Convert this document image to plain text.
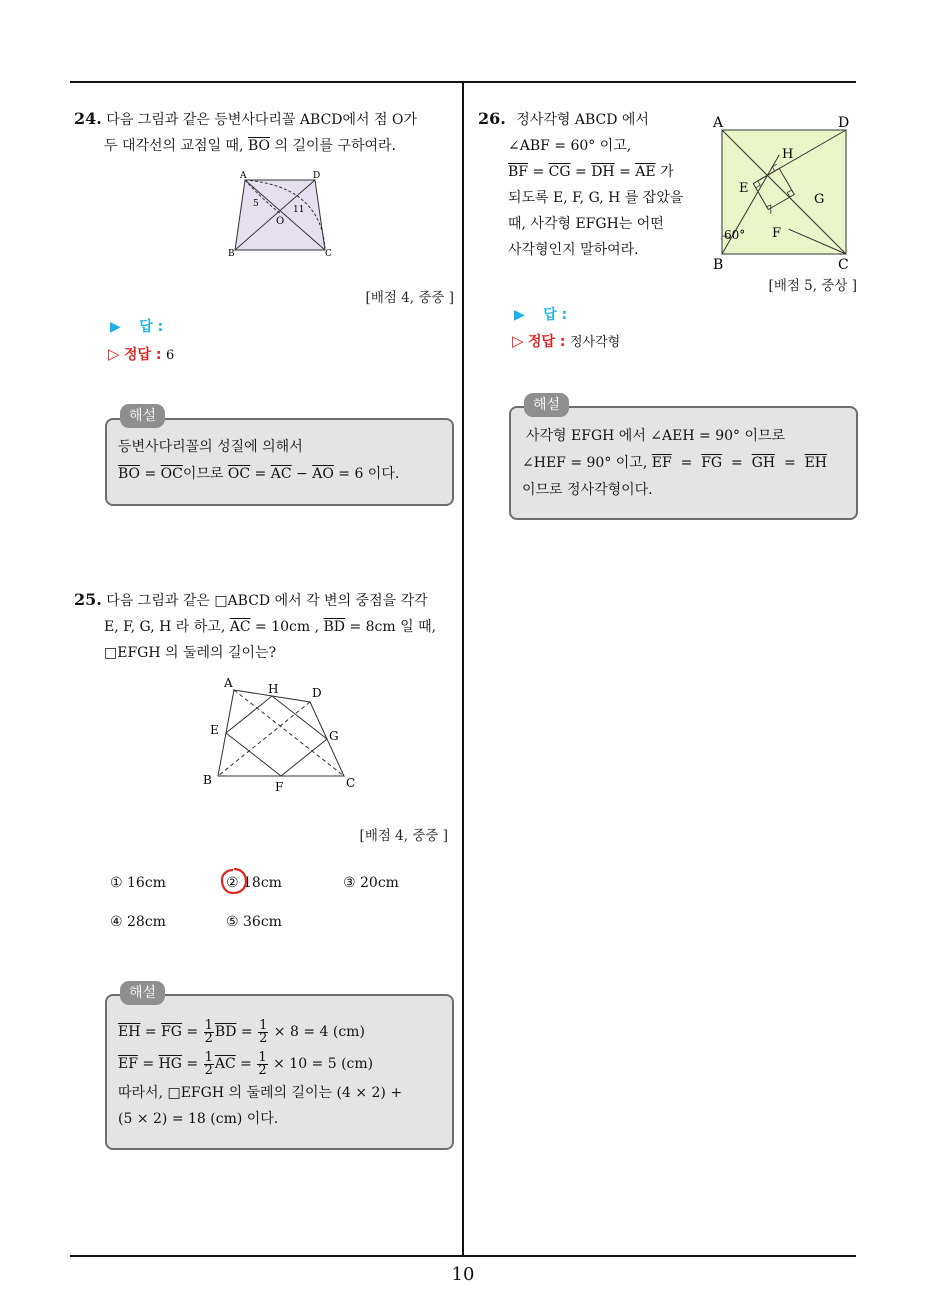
10
24. 다음 그림과 같은 등변사다리꼴 ABCD에서 점 O가
두 대각선의 교점일 때, $\overline{BO}$ 의 길이를 구하여라.
A	D
B	C
O
5
11
[배점 4, 중중 ]
▶ 답 :
▷ 정답 : 6
해설
등변사다리꼴의 성질에 의해서
$\overline{BO} = \overline{OC}$이므로 $\overline{OC} = \overline{AC} - \overline{AO} = 6$ 이다.
25. 다음 그림과 같은 □ABCD 에서 각 변의 중점을 각각
E, F, G, H 라 하고, $\overline{AC} = 10cm$ , $\overline{BD} = 8cm$ 일 때,
□EFGH 의 둘레의 길이는?
A	H	D
E	G
B	F	C
[배점 4, 중중 ]
① 16cm	② 18cm	③ 20cm
④ 28cm	⑤ 36cm
해설
$\overline{EH} = \overline{FG} = \frac{1}{2} \overline{BD} = \frac{1}{2} \times 8 = 4$ (cm)
$\overline{EF} = \overline{HG} = \frac{1}{2} \overline{AC} = \frac{1}{2} \times 10 = 5$ (cm)
따라서, □EFGH 의 둘레의 길이는 (4 × 2) +
(5 × 2) = 18 (cm) 이다.
26. 정사각형 ABCD 에서
∠ABF = 60° 이고,
$\overline{BF} = \overline{CG} = \overline{DH} = \overline{AE}$ 가
되도록 E, F, G, H 를 잡았을
때, 사각형 EFGH는 어떤
사각형인지 말하여라.
A	D
B	C
E
H
G
F
60°
[배점 5, 중상 ]
▶ 답 :
▷ 정답 : 정사각형
해설
사각형 EFGH 에서 ∠AEH = 90° 이므로
∠HEF = 90° 이고, $\overline{EF} = \overline{FG} = \overline{GH} = \overline{EH}$
이므로 정사각형이다.
